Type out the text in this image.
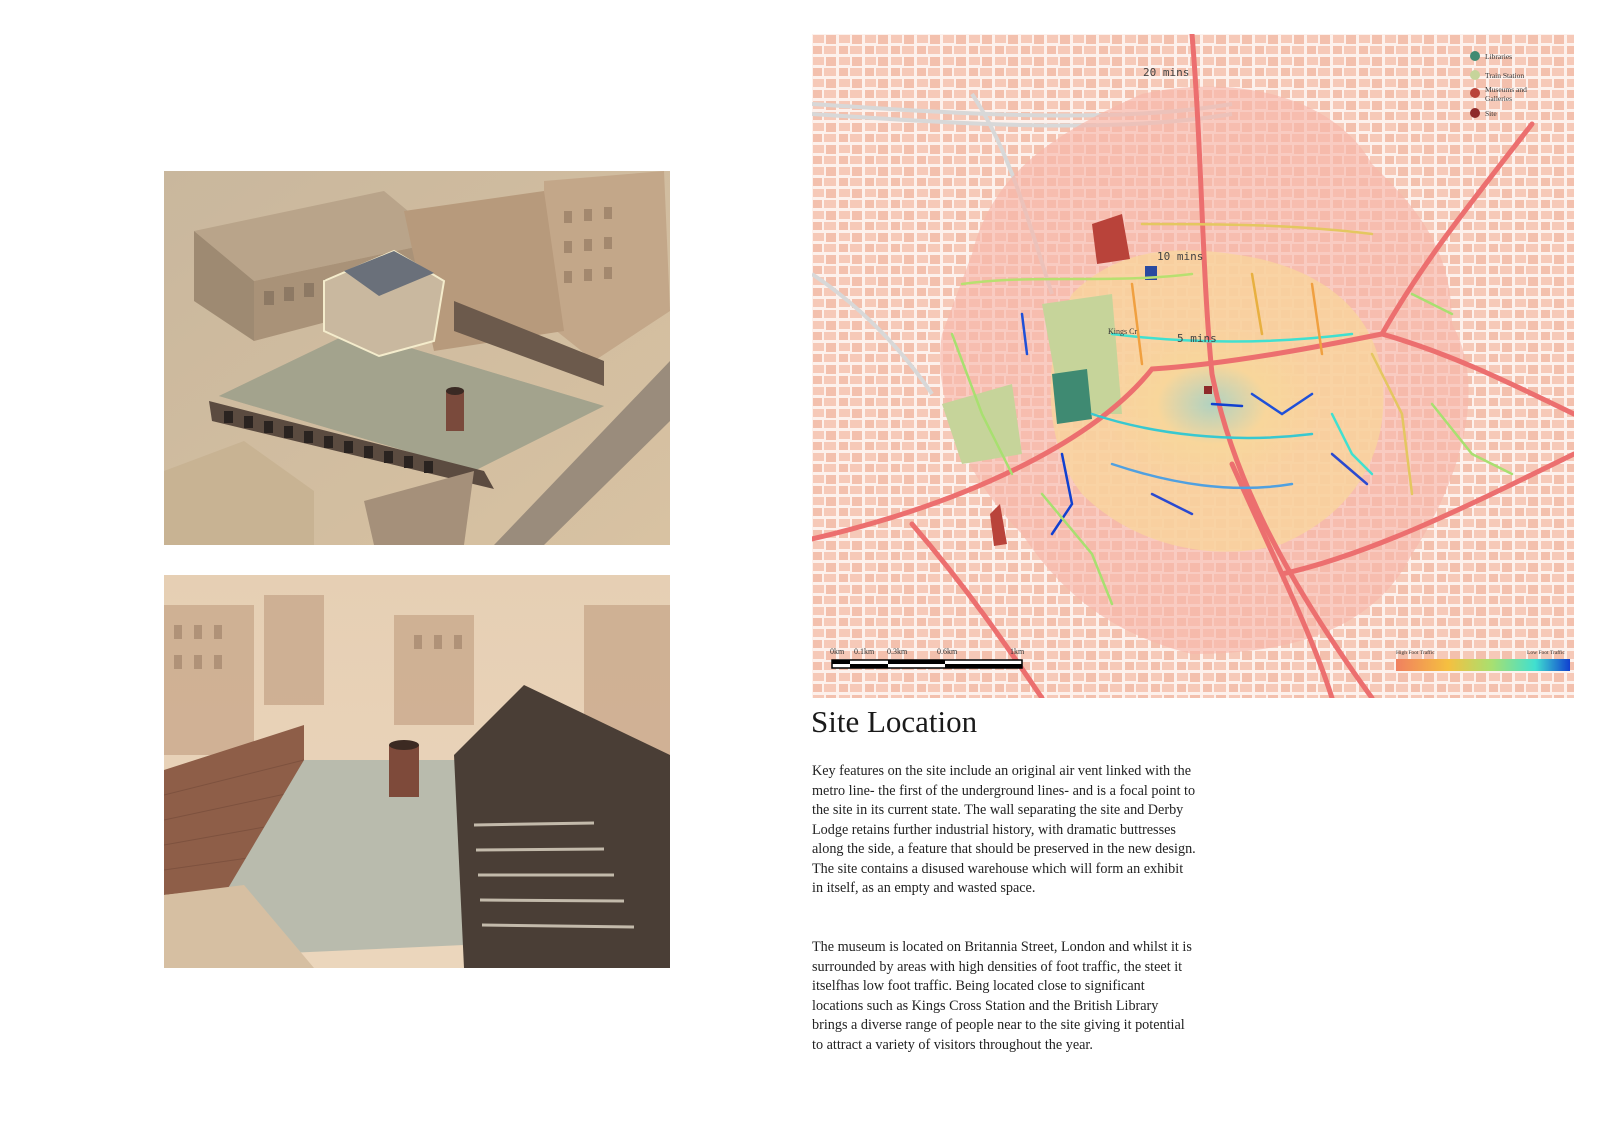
20 mins
10 mins
5 mins
Kings Cr
Libraries
Train Station
Museums and Galleries
Site
0km 0.1km 0.3km	0.6km	1km	High Foot Traffic	Low Foot Traffic
Site Location

Key features on the site include an original air vent linked with the metro line- the first of the underground lines- and is a focal point to the site in its current state. The wall separating the site and Derby Lodge retains further industrial history, with dramatic buttresses along the side, a feature that should be preserved in the new design. The site contains a disused warehouse which will form an exhibit in itself, as an empty and wasted space.

The museum is located on Britannia Street, London and whilst it is surrounded by areas with high densities of foot traffic, the steet it itselfhas low foot traffic. Being located close to significant locations such as Kings Cross Station and the British Library brings a diverse range of people near to the site giving it potential to attract a variety of visitors throughout the year.
